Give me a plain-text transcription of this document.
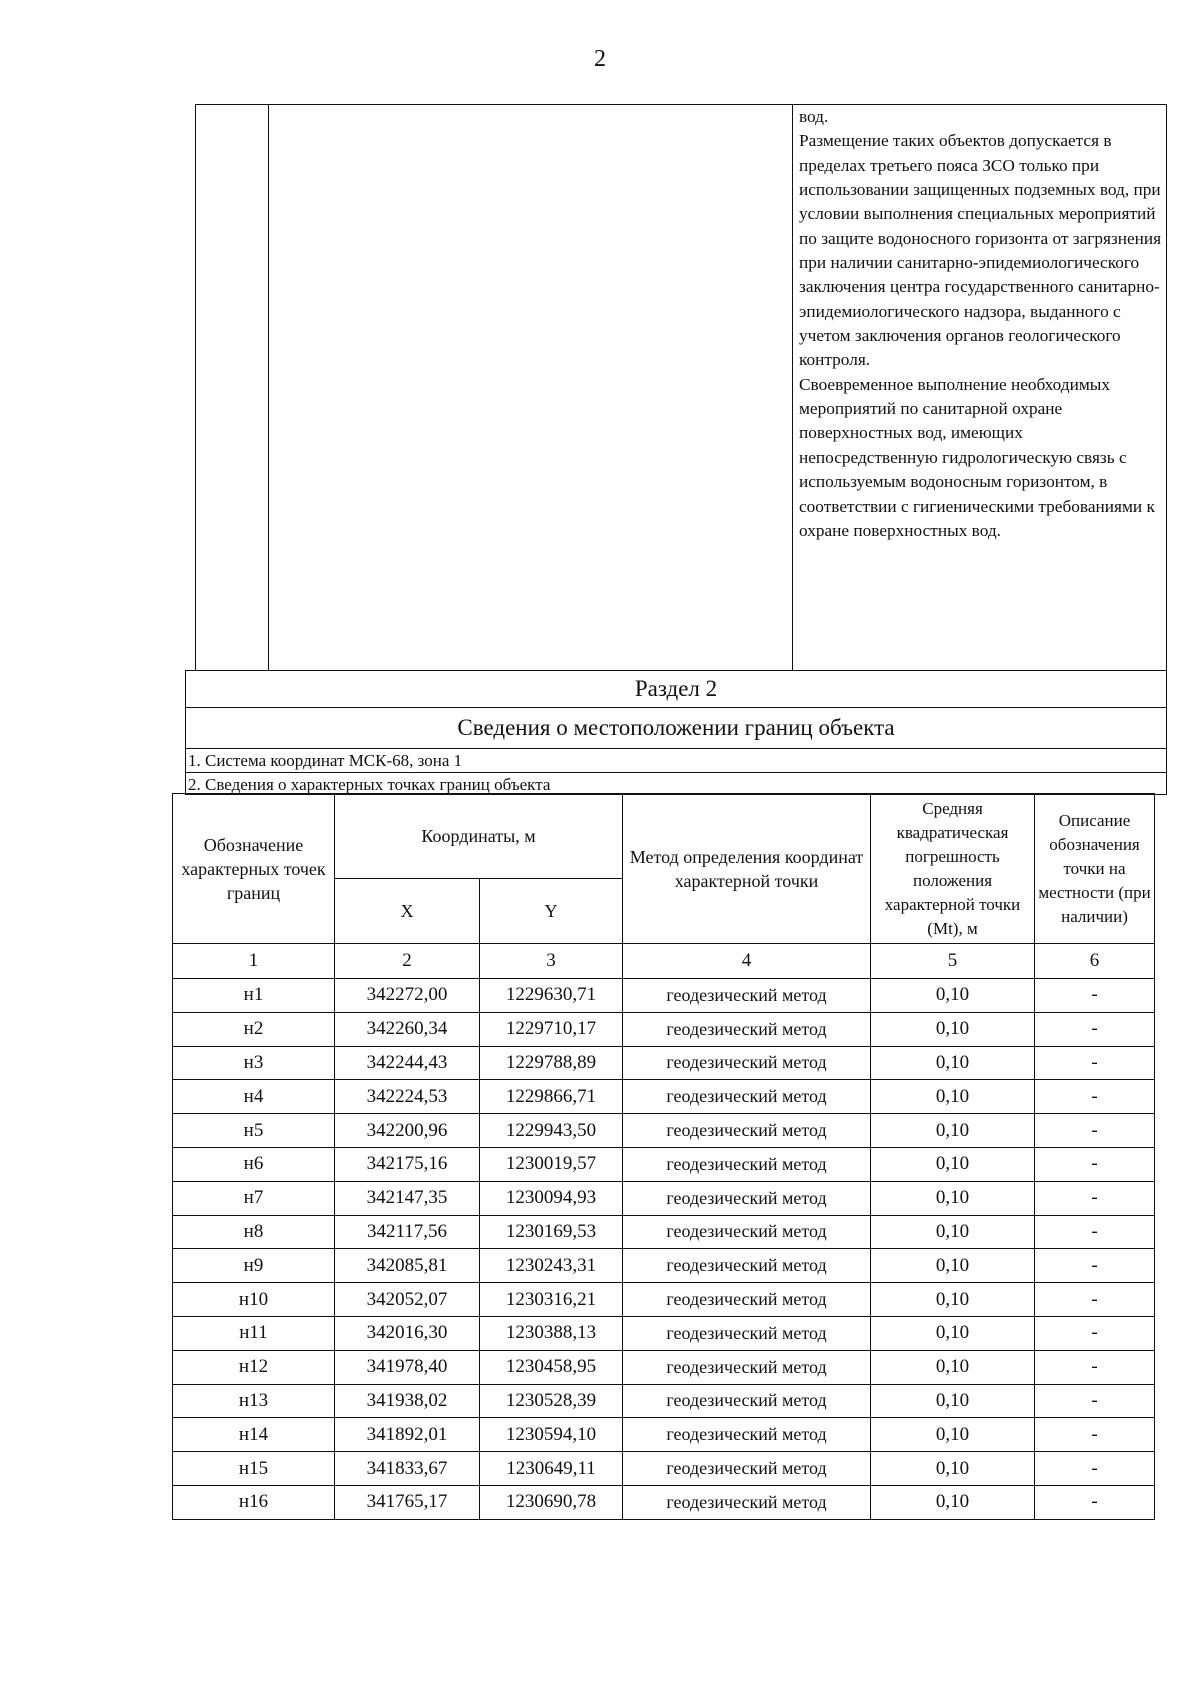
2
вод.
Размещение таких объектов допускается в пределах третьего пояса ЗСО только при использовании защищенных подземных вод, при условии выполнения специальных мероприятий по защите водоносного горизонта от загрязнения при наличии санитарно-эпидемиологического заключения центра государственного санитарно-эпидемиологического надзора, выданного с учетом заключения органов геологического контроля.
Своевременное выполнение необходимых мероприятий по санитарной охране поверхностных вод, имеющих непосредственную гидрологическую связь с используемым водоносным горизонтом, в соответствии с гигиеническими требованиями к охране поверхностных вод.
Раздел 2
Сведения о местоположении границ объекта
1. Система координат МСК-68, зона 1
2. Сведения о характерных точках границ объекта
Обозначение характерных точек границ	Координаты, м		Метод определения координат характерной точки	Средняя квадратическая погрешность положения характерной точки (Mt), м	Описание обозначения точки на местности (при наличии)
	X	Y			
1	2	3	4	5	6
н1	342272,00	1229630,71	геодезический метод	0,10	-
н2	342260,34	1229710,17	геодезический метод	0,10	-
н3	342244,43	1229788,89	геодезический метод	0,10	-
н4	342224,53	1229866,71	геодезический метод	0,10	-
н5	342200,96	1229943,50	геодезический метод	0,10	-
н6	342175,16	1230019,57	геодезический метод	0,10	-
н7	342147,35	1230094,93	геодезический метод	0,10	-
н8	342117,56	1230169,53	геодезический метод	0,10	-
н9	342085,81	1230243,31	геодезический метод	0,10	-
н10	342052,07	1230316,21	геодезический метод	0,10	-
н11	342016,30	1230388,13	геодезический метод	0,10	-
н12	341978,40	1230458,95	геодезический метод	0,10	-
н13	341938,02	1230528,39	геодезический метод	0,10	-
н14	341892,01	1230594,10	геодезический метод	0,10	-
н15	341833,67	1230649,11	геодезический метод	0,10	-
н16	341765,17	1230690,78	геодезический метод	0,10	-
